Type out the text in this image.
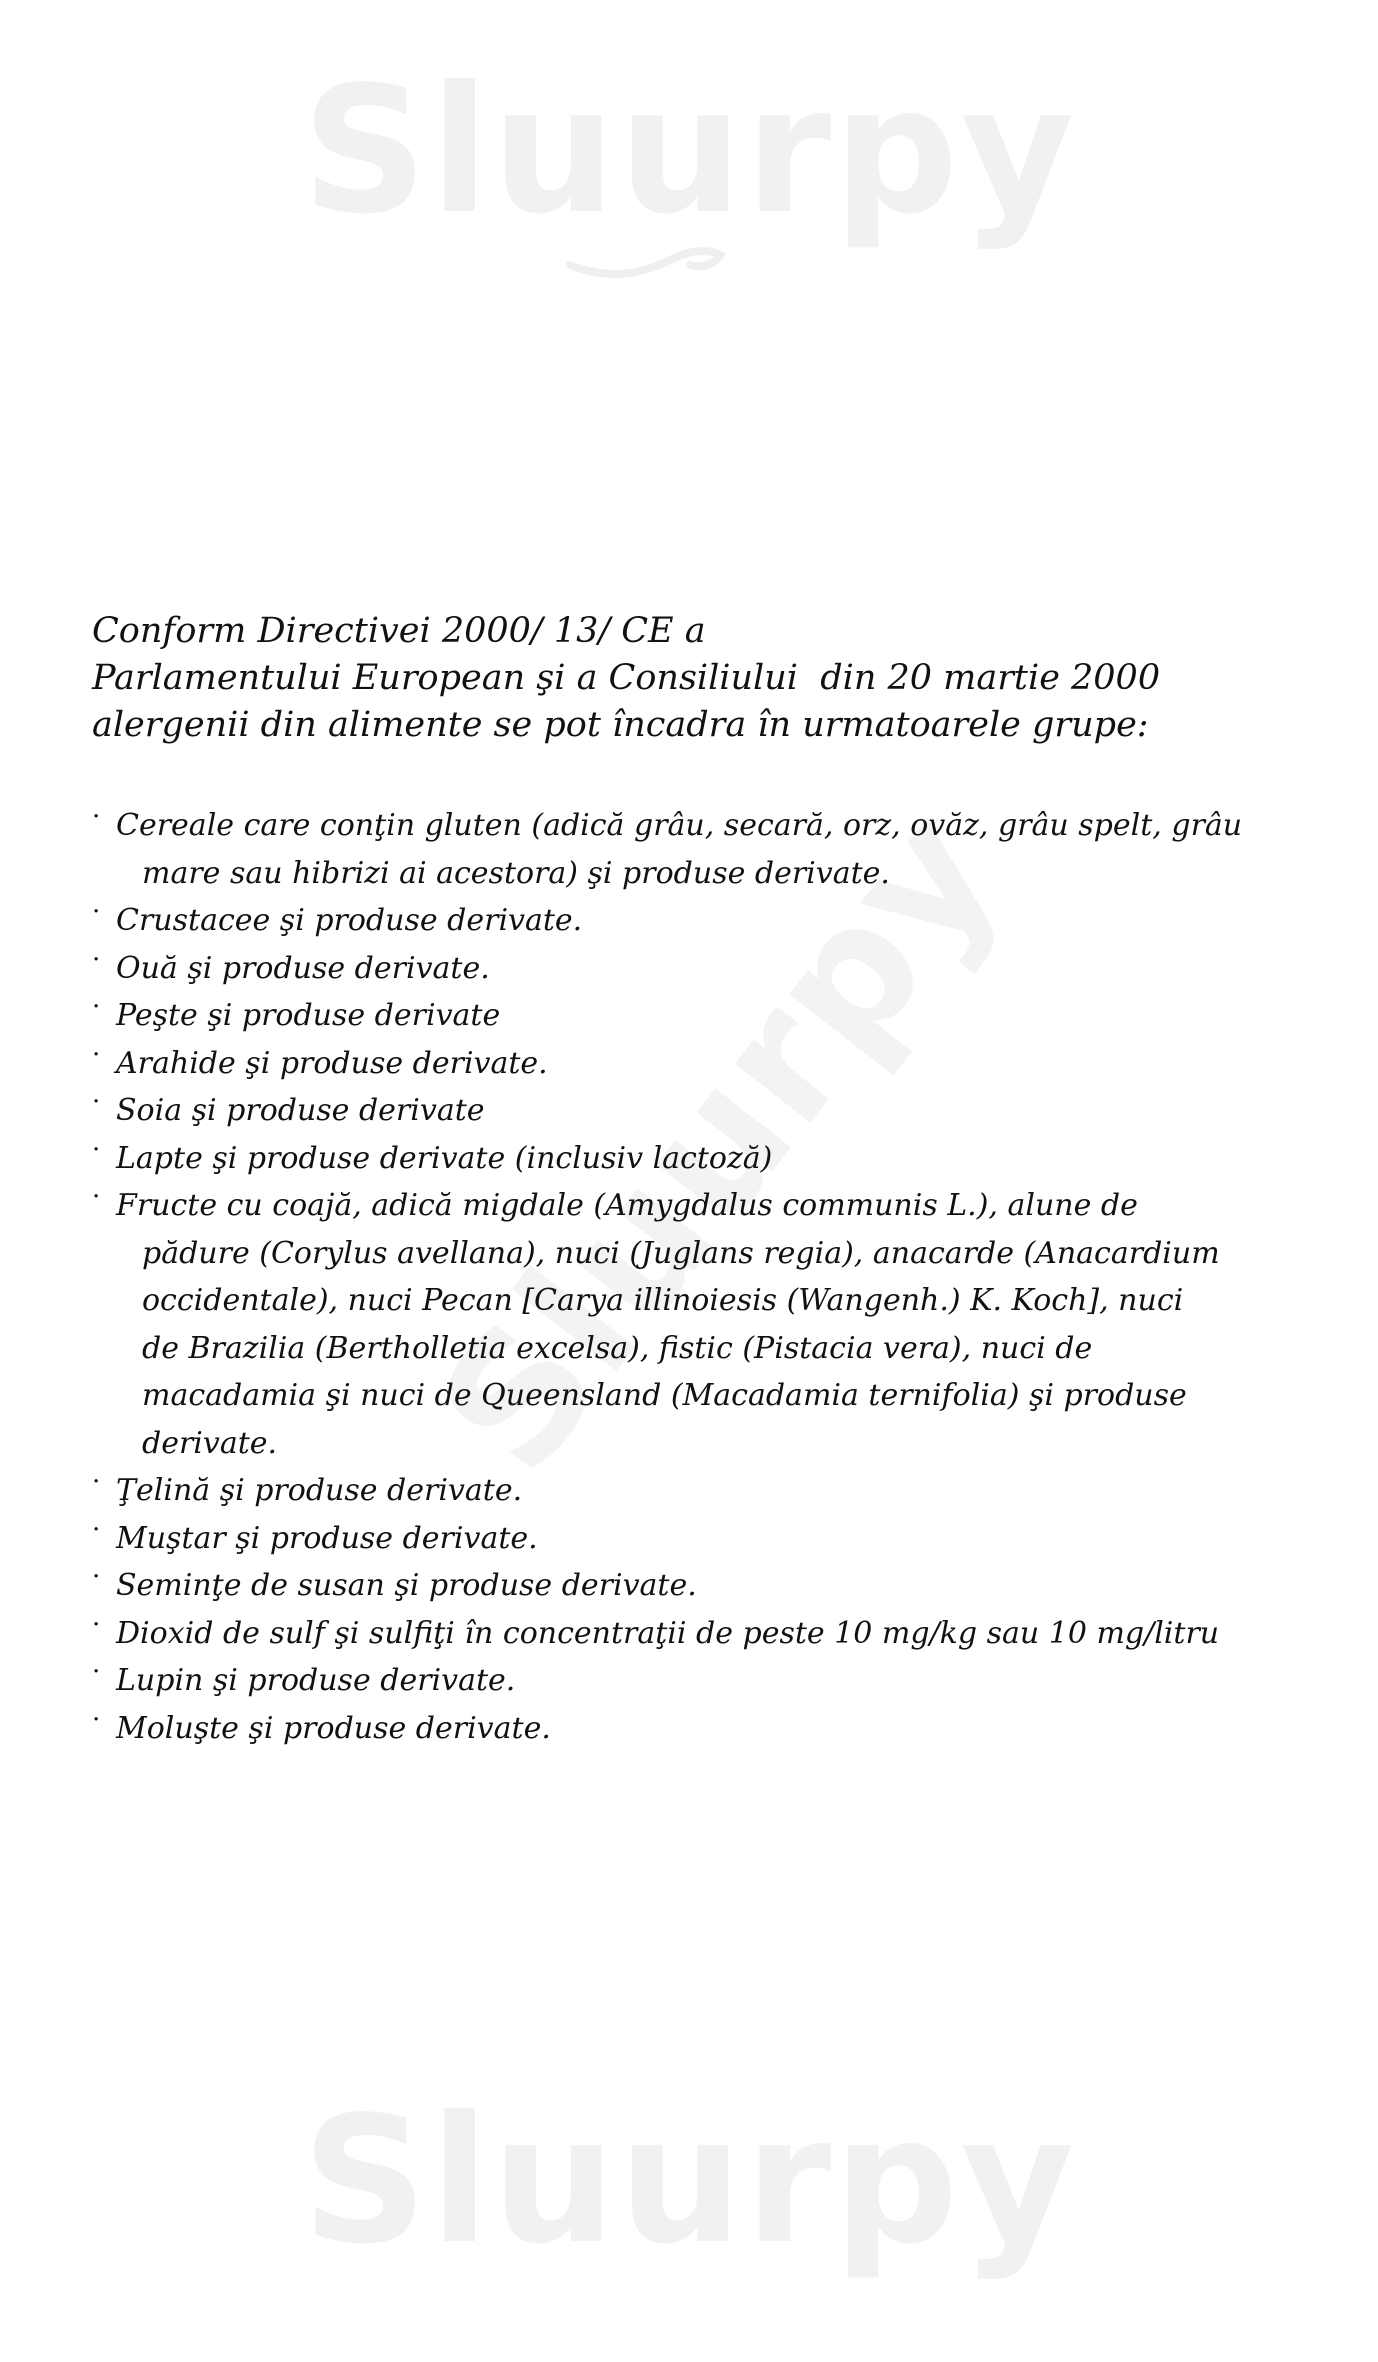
Sluurpy
Sluurpy
Conform Directivei 2000/ 13/ CE a
Parlamentului European şi a Consiliului  din 20 martie 2000
alergenii din alimente se pot încadra în urmatoarele grupe:
· Cereale care conţin gluten (adică grâu, secară, orz, ovăz, grâu spelt, grâu
mare sau hibrizi ai acestora) şi produse derivate.
· Crustacee şi produse derivate.
· Ouă şi produse derivate.
· Peşte şi produse derivate
· Arahide şi produse derivate.
· Soia şi produse derivate
· Lapte şi produse derivate (inclusiv lactoză)
· Fructe cu coajă, adică migdale (Amygdalus communis L.), alune de
pădure (Corylus avellana), nuci (Juglans regia), anacarde (Anacardium
occidentale), nuci Pecan [Carya illinoiesis (Wangenh.) K. Koch], nuci
de Brazilia (Bertholletia excelsa), fistic (Pistacia vera), nuci de
macadamia şi nuci de Queensland (Macadamia ternifolia) şi produse
derivate.
· Ţelină şi produse derivate.
· Muştar şi produse derivate.
· Seminţe de susan şi produse derivate.
· Dioxid de sulf şi sulfiţi în concentraţii de peste 10 mg/kg sau 10 mg/litru
· Lupin şi produse derivate.
· Moluşte şi produse derivate.
